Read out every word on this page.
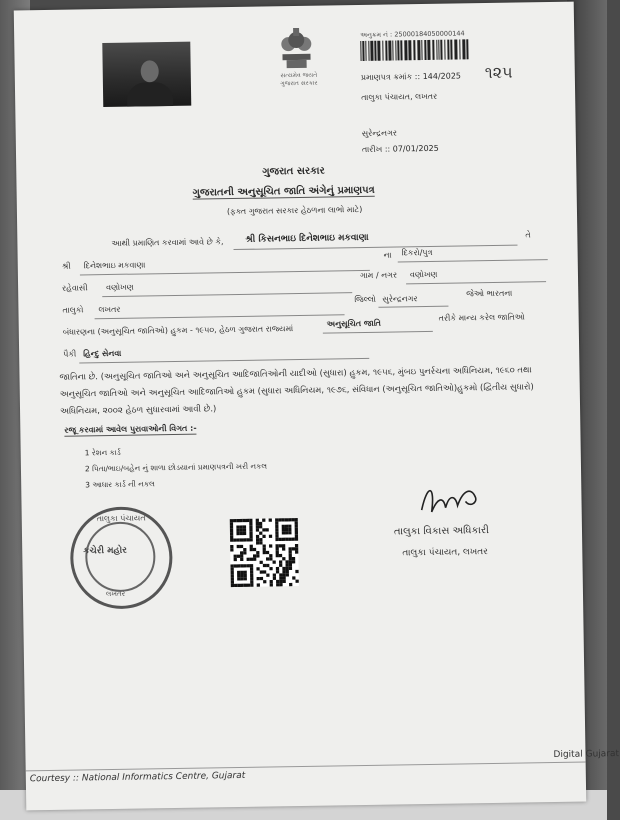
સત્યમેવ જયતે
ગુજરાત સરકાર
અનુક્રમ નં : 25000184050000144
પ્રમાણપત્ર ક્રમાંક :: 144/2025 ૧૨૫
તાલુકા પંચાયત, લખતર
સુરેન્દ્રનગર
તારીખ :: 07/01/2025
ગુજરાત સરકાર
ગુજરાતની અનુસૂચિત જાતિ અંગેનું પ્રમાણપત્ર
(ફક્ત ગુજરાત સરકાર હેઠળના લાભો માટે)
આથી પ્રમાણિત કરવામાં આવે છે કે, શ્રી કિસનભાઇ દિનેશભાઇ મકવાણા	તે
શ્રી દિનેશભાઇ મકવાણા
ના દિકરો/પુત્ર
રહેવાસી વણોખણ
ગામ / નગર વણોખણ
તાલુકો લખતર
જિલ્લો સુરેન્દ્રનગર
જેઓ ભારતના
બંધારણના (અનુસૂચિત જાતિઓ) હુકમ - ૧૯૫૦, હેઠળ ગુજરાત રાજ્યમાં
અનુસૂચિત જાતિ
તરીકે માન્ય કરેલ જાતિઓ
પૈકી હિન્દુ સેનવા
જાતિના છે. (અનુસૂચિત જાતિઓ અને અનુસૂચિત આદિજાતિઓની યાદીઓ (સુધારા) હુકમ, ૧૯૫૬, મુંબઇ પુનર્રચના અધિનિયમ, ૧૯૬૦ તથા અનુસૂચિત જાતિઓ અને અનુસૂચિત આદિજાતિઓ હુકમ (સુધારા અધિનિયમ, ૧૯૭૬, સંવિધાન (અનુસૂચિત જાતિઓ)હુકમો (દ્વિતીય સુધારો) અધિનિયમ, ૨૦૦૨ હેઠળ સુધારવામાં આવી છે.)
રજૂ કરવામાં આવેલ પુરાવાઓની વિગત :-
1 રેશન કાર્ડ
2 પિતા/ભાઇ/બહેન નું શાળા છોડયાનાં પ્રમાણપત્રની ખરી નકલ
3 આધાર કાર્ડ ની નકલ
તાલુકા પંચાયત
કચેરી મહોર
લખતર
તાલુકા વિકાસ અધિકારી
તાલુકા પંચાયત, લખતર
Courtesy :: National Informatics Centre, Gujarat
Digital Gujarat
